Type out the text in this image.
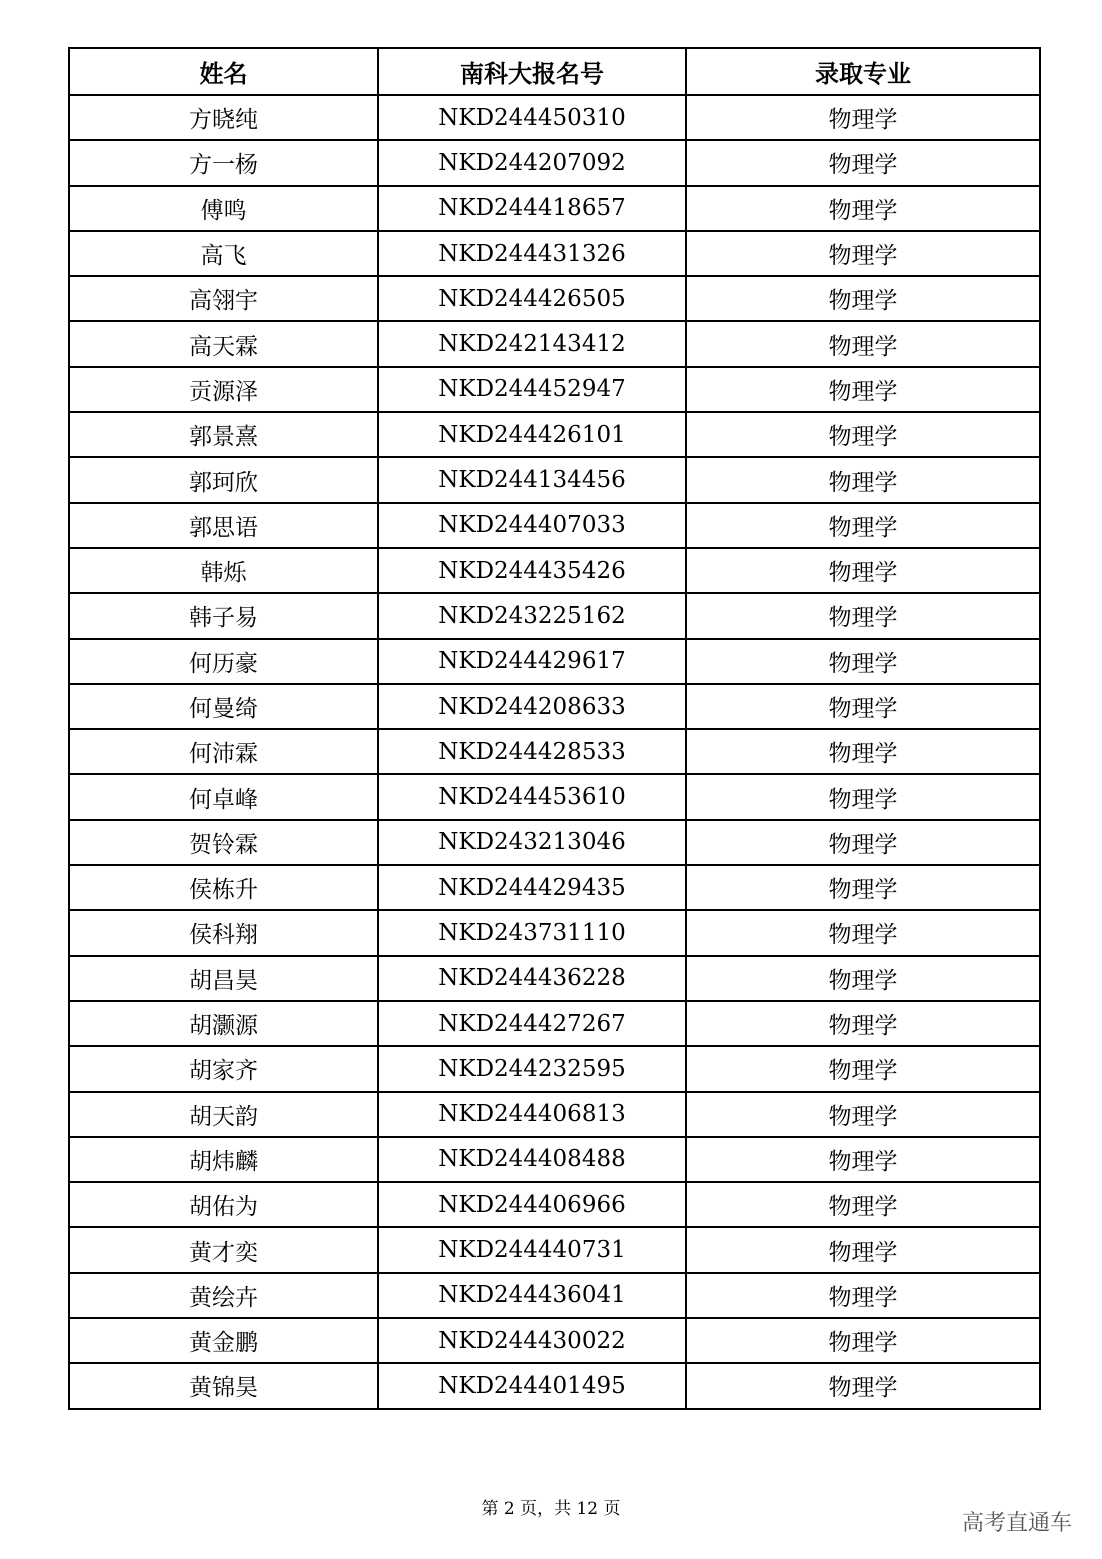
姓名	南科大报名号	录取专业
方晓纯	NKD244450310	物理学
方一杨	NKD244207092	物理学
傅鸣	NKD244418657	物理学
高飞	NKD244431326	物理学
高翎宇	NKD244426505	物理学
高天霖	NKD242143412	物理学
贡源泽	NKD244452947	物理学
郭景熹	NKD244426101	物理学
郭珂欣	NKD244134456	物理学
郭思语	NKD244407033	物理学
韩烁	NKD244435426	物理学
韩子易	NKD243225162	物理学
何历豪	NKD244429617	物理学
何曼绮	NKD244208633	物理学
何沛霖	NKD244428533	物理学
何卓峰	NKD244453610	物理学
贺铃霖	NKD243213046	物理学
侯栋升	NKD244429435	物理学
侯科翔	NKD243731110	物理学
胡昌昊	NKD244436228	物理学
胡灏源	NKD244427267	物理学
胡家齐	NKD244232595	物理学
胡天韵	NKD244406813	物理学
胡炜麟	NKD244408488	物理学
胡佑为	NKD244406966	物理学
黄才奕	NKD244440731	物理学
黄绘卉	NKD244436041	物理学
黄金鹏	NKD244430022	物理学
黄锦昊	NKD244401495	物理学
第 2 页，共 12 页
高考直通车
